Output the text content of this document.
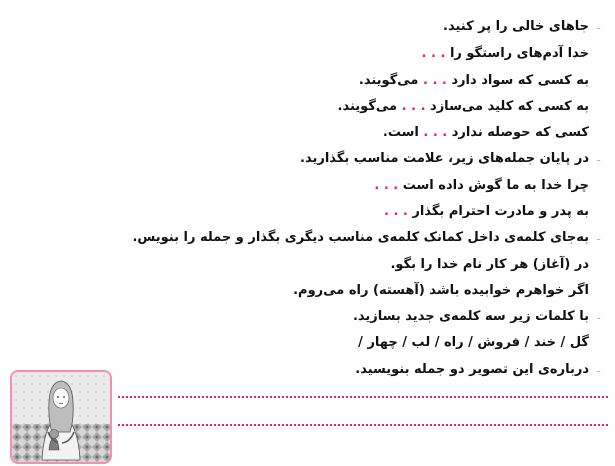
-
جاهای خالی را پر کنید.
خدا آدم‌های راستگو را . . .
به کسی که سواد دارد . . . می‌گویند.
به کسی که کلید می‌سازد . . . می‌گویند.
کسی که حوصله ندارد . . . است.
-
در پایان جمله‌های زیر، علامت مناسب بگذارید.
چرا خدا به ما گوش داده است . . .
به پدر و مادرت احترام بگذار . . .
-
به‌جای کلمه‌ی داخل کمانک کلمه‌ی مناسب دیگری بگذار و جمله را بنویس.
در (آغاز) هر کار نام خدا را بگو.
اگر خواهرم خوابیده باشد (آهسته) راه می‌روم.
-
با کلمات زیر سه کلمه‌ی جدید بسازید.
گل / خند / فروش / راه / لب / چهار /
-
درباره‌ی این تصویر دو جمله بنویسید.
